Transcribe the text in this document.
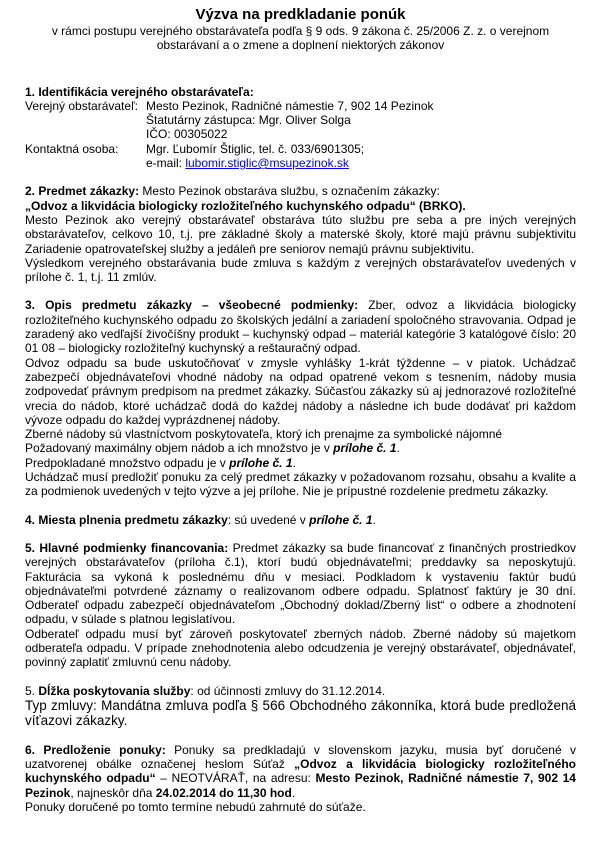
Výzva na predkladanie ponúk

v rámci postupu verejného obstarávateľa podľa § 9 ods. 9 zákona č. 25/2006 Z. z. o verejnom obstarávaní a o zmene a doplnení niektorých zákonov

1. Identifikácia verejného obstarávateľa:

Verejný obstarávateľ: Mesto Pezinok, Radničné námestie 7, 902 14 Pezinok
Štatutárny zástupca: Mgr. Oliver Solga
IČO: 00305022
Kontaktná osoba:	Mgr. Ľubomír Štiglic, tel. č. 033/6901305;
e-mail: lubomir.stiglic@msupezinok.sk

2. Predmet zákazky: Mesto Pezinok obstaráva službu, s označením zákazky:

„Odvoz a likvidácia biologicky rozložiteľného kuchynského odpadu“ (BRKO).

Mesto Pezinok ako verejný obstarávateľ obstaráva túto službu pre seba a pre iných verejných obstarávateľov, celkovo 10, t.j. pre základné školy a materské školy, ktoré majú právnu subjektivitu Zariadenie opatrovateľskej služby a jedáleň pre seniorov nemajú právnu subjektivitu.

Výsledkom verejného obstarávania bude zmluva s každým z verejných obstarávateľov uvedených v prílohe č. 1, t.j. 11 zmlúv.

3. Opis predmetu zákazky – všeobecné podmienky: Zber, odvoz a likvidácia biologicky rozložiteľného kuchynského odpadu zo školských jedální a zariadení spoločného stravovania. Odpad je zaradený ako vedľajší živočíšny produkt – kuchynský odpad – materiál kategórie 3 katalógové číslo: 20 01 08 – biologicky rozložiteľný kuchynský a reštauračný odpad.

Odvoz odpadu sa bude uskutočňovať v zmysle vyhlášky 1-krát týždenne – v piatok. Uchádzač zabezpečí objednávateľovi vhodné nádoby na odpad opatrené vekom s tesnením, nádoby musia zodpovedať právnym predpisom na predmet zákazky. Súčasťou zákazky sú aj jednorazové rozložiteľné vrecia do nádob, ktoré uchádzač dodá do každej nádoby a následne ich bude dodávať pri každom vývoze odpadu do každej vyprázdnenej nádoby.

Zberné nádoby sú vlastníctvom poskytovateľa, ktorý ich prenajme za symbolické nájomné

Požadovaný maximálny objem nádob a ich množstvo je v prílohe č. 1.

Predpokladané množstvo odpadu je v prílohe č. 1.

Uchádzač musí predložiť ponuku za celý predmet zákazky v požadovanom rozsahu, obsahu a kvalite a za podmienok uvedených v tejto výzve a jej prílohe. Nie je prípustné rozdelenie predmetu zákazky.

4. Miesta plnenia predmetu zákazky: sú uvedené v prílohe č. 1.

5. Hlavné podmienky financovania: Predmet zákazky sa bude financovať z finančných prostriedkov verejných obstarávateľov (príloha č.1), ktorí budú objednávateľmi; preddavky sa neposkytujú. Fakturácia sa vykoná k poslednému dňu v mesiaci. Podkladom k vystaveniu faktúr budú objednávateľmi potvrdené záznamy o realizovanom odbere odpadu. Splatnosť faktúry je 30 dní. Odberateľ odpadu zabezpečí objednávateľom „Obchodný doklad/Zberný list“ o odbere a zhodnotení odpadu, v súlade s platnou legislatívou.

Odberateľ odpadu musí byť zároveň poskytovateľ zberných nádob. Zberné nádoby sú majetkom odberateľa odpadu. V prípade znehodnotenia alebo odcudzenia je verejný obstarávateľ, objednávateľ, povinný zaplatiť zmluvnú cenu nádoby.

5. Dĺžka poskytovania služby: od účinnosti zmluvy do 31.12.2014.

Typ zmluvy: Mandátna zmluva podľa § 566 Obchodného zákonníka, ktorá bude predložená víťazovi zákazky.

6. Predloženie ponuky: Ponuky sa predkladajú v slovenskom jazyku, musia byť doručené v uzatvorenej obálke označenej heslom Súťaž „Odvoz a likvidácia biologicky rozložiteľného kuchynského odpadu“ – NEOTVÁRAŤ, na adresu: Mesto Pezinok, Radničné námestie 7, 902 14 Pezinok, najneskôr dňa 24.02.2014 do 11,30 hod.

Ponuky doručené po tomto termíne nebudú zahrnuté do súťaže.
